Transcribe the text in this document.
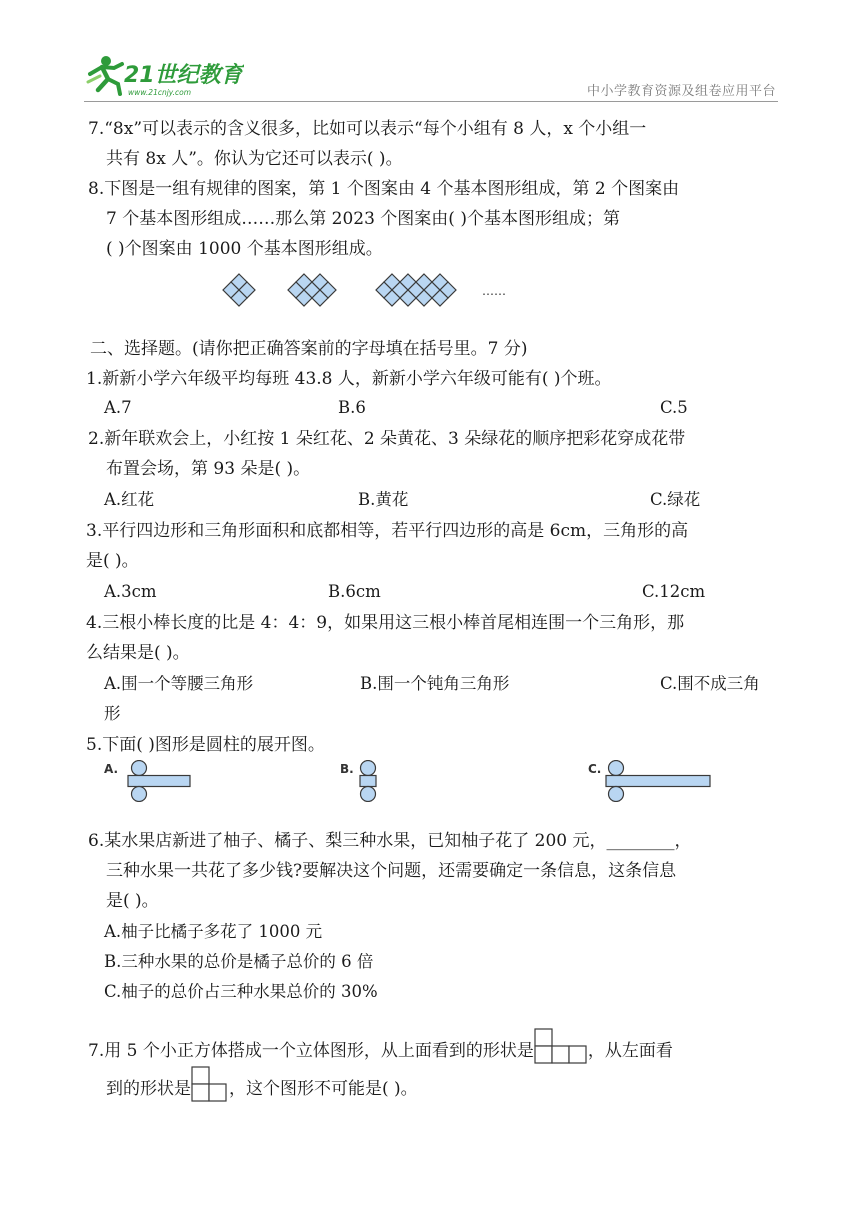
21世纪教育
www.21cnjy.com	中小学教育资源及组卷应用平台
7.“8x”可以表示的含义很多，比如可以表示“每个小组有 8 人，x 个小组一
共有 8x 人”。你认为它还可以表示( )。
8.下图是一组有规律的图案，第 1 个图案由 4 个基本图形组成，第 2 个图案由
7 个基本图形组成……那么第 2023 个图案由( )个基本图形组成；第
( )个图案由 1000 个基本图形组成。
……
二、选择题。(请你把正确答案前的字母填在括号里。7 分)
1.新新小学六年级平均每班 43.8 人，新新小学六年级可能有( )个班。
A.7	B.6	C.5
2.新年联欢会上，小红按 1 朵红花、2 朵黄花、3 朵绿花的顺序把彩花穿成花带
布置会场，第 93 朵是( )。
A.红花	B.黄花	C.绿花
3.平行四边形和三角形面积和底都相等，若平行四边形的高是 6cm，三角形的高
是( )。
A.3cm	B.6cm	C.12cm
4.三根小棒长度的比是 4：4：9，如果用这三根小棒首尾相连围一个三角形，那
么结果是( )。
A.围一个等腰三角形	B.围一个钝角三角形	C.围不成三角
形
5.下面( )图形是圆柱的展开图。
A.	B.	C.
6.某水果店新进了柚子、橘子、梨三种水果，已知柚子花了 200 元，________，
三种水果一共花了多少钱?要解决这个问题，还需要确定一条信息，这条信息
是( )。
A.柚子比橘子多花了 1000 元
B.三种水果的总价是橘子总价的 6 倍
C.柚子的总价占三种水果总价的 30%
7.用 5 个小正方体搭成一个立体图形，从上面看到的形状是	，从左面看
到的形状是 ，这个图形不可能是( )。
